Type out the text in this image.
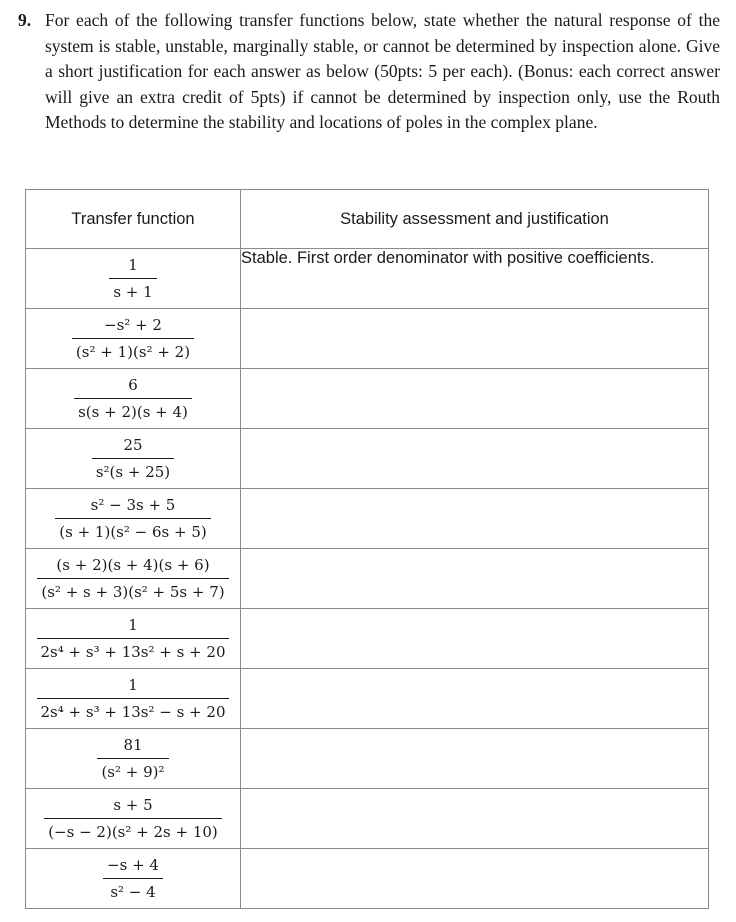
9. For each of the following transfer functions below, state whether the natural response of the system is stable, unstable, marginally stable, or cannot be determined by inspection alone. Give a short justification for each answer as below (50pts: 5 per each). (Bonus: each correct answer will give an extra credit of 5pts) if cannot be determined by inspection only, use the Routh Methods to determine the stability and locations of poles in the complex plane.
Transfer function	Stability assessment and justification

$\frac{1}{s + 1}$	Stable. First order denominator with positive coefficients.

$\frac{\text{−s² + 2}}{\text{(s² + 1)(s² + 2)}}$

$\frac{6}{s(s + 2)(s + 4)}$

$\frac{25}{\text{s²(s + 25)}}$

$\frac{\text{s² − 3s + 5}}{\text{(s + 1)(s² − 6s + 5)}}$

$\frac{(s + 2)(s + 4)(s + 6)}{\text{(s² + s + 3)(s² + 5s + 7)}}$

$\frac{1}{\text{2s⁴ + s³ + 13s² + s + 20}}$

$\frac{1}{\text{2s⁴ + s³ + 13s² − s + 20}}$

$\frac{81}{\text{(s² + 9)²}}$

$\frac{s + 5}{\text{(−s − 2)(s² + 2s + 10)}}$

$\frac{-s + 4}{\text{s² − 4}}$
